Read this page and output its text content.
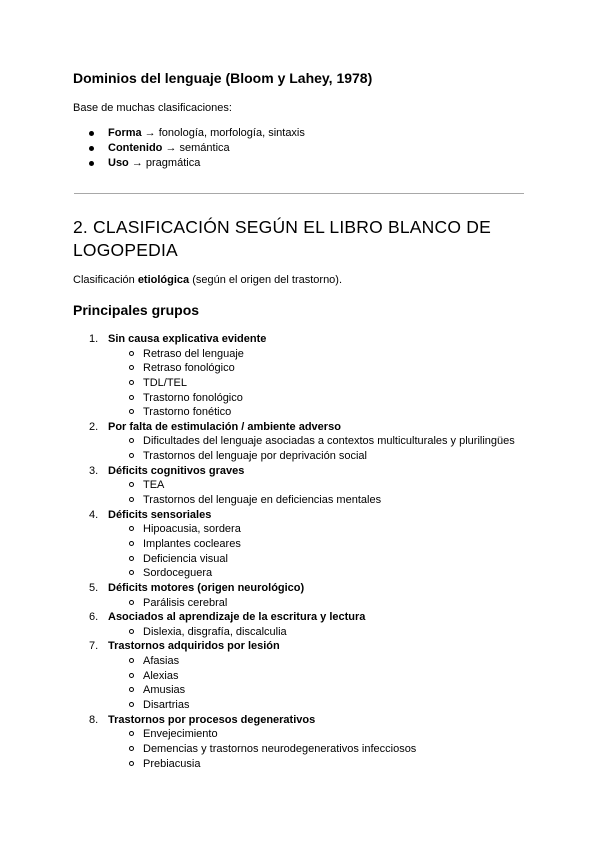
Dominios del lenguaje (Bloom y Lahey, 1978)

Base de muchas clasificaciones:

Forma → fonología, morfología, sintaxis
Contenido → semántica
Uso → pragmática
2. CLASIFICACIÓN SEGÚN EL LIBRO BLANCO DE LOGOPEDIA

Clasificación etiológica (según el origen del trastorno).

Principales grupos
1. Sin causa explicativa evidente
Retraso del lenguaje
Retraso fonológico
TDL/TEL
Trastorno fonológico
Trastorno fonético
2. Por falta de estimulación / ambiente adverso
Dificultades del lenguaje asociadas a contextos multiculturales y plurilingües
Trastornos del lenguaje por deprivación social
3. Déficits cognitivos graves
TEA
Trastornos del lenguaje en deficiencias mentales
4. Déficits sensoriales
Hipoacusia, sordera
Implantes cocleares
Deficiencia visual
Sordoceguera
5. Déficits motores (origen neurológico)
Parálisis cerebral
6. Asociados al aprendizaje de la escritura y lectura
Dislexia, disgrafía, discalculia
7. Trastornos adquiridos por lesión
Afasias
Alexias
Amusias
Disartrias
8. Trastornos por procesos degenerativos
Envejecimiento
Demencias y trastornos neurodegenerativos infecciosos
Prebiacusia
